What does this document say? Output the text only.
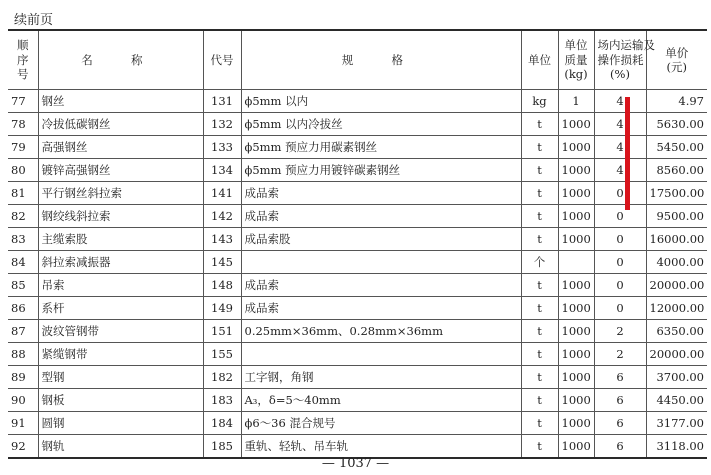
续前页
顺
序
号	名 称	代号	规 格	单位	单位
质量
(kg)	场内运输及
操作损耗
(%)	单价
(元)

77	钢丝	131	ϕ5mm 以内	kg	1	4	4.97
78	冷拔低碳钢丝	132	ϕ5mm 以内冷拔丝	t	1000	4	5630.00
79	高强钢丝	133	ϕ5mm 预应力用碳素钢丝	t	1000	4	5450.00
80	镀锌高强钢丝	134	ϕ5mm 预应力用镀锌碳素钢丝	t	1000	4	8560.00
81	平行钢丝斜拉索	141	成品索	t	1000	0	17500.00
82	钢绞线斜拉索	142	成品索	t	1000	0	9500.00
83	主缆索股	143	成品索股	t	1000	0	16000.00
84	斜拉索减振器	145		个		0	4000.00
85	吊索	148	成品索	t	1000	0	20000.00
86	系杆	149	成品索	t	1000	0	12000.00
87	波纹管钢带	151	0.25mm×36mm、0.28mm×36mm	t	1000	2	6350.00
88	紧缆钢带	155		t	1000	2	20000.00
89	型钢	182	工字钢，角钢	t	1000	6	3700.00
90	钢板	183	A₃，δ=5～40mm	t	1000	6	4450.00
91	圆钢	184	ϕ6～36 混合规号	t	1000	6	3177.00
92	钢轨	185	重轨、轻轨、吊车轨	t	1000	6	3118.00
— 1037 —
